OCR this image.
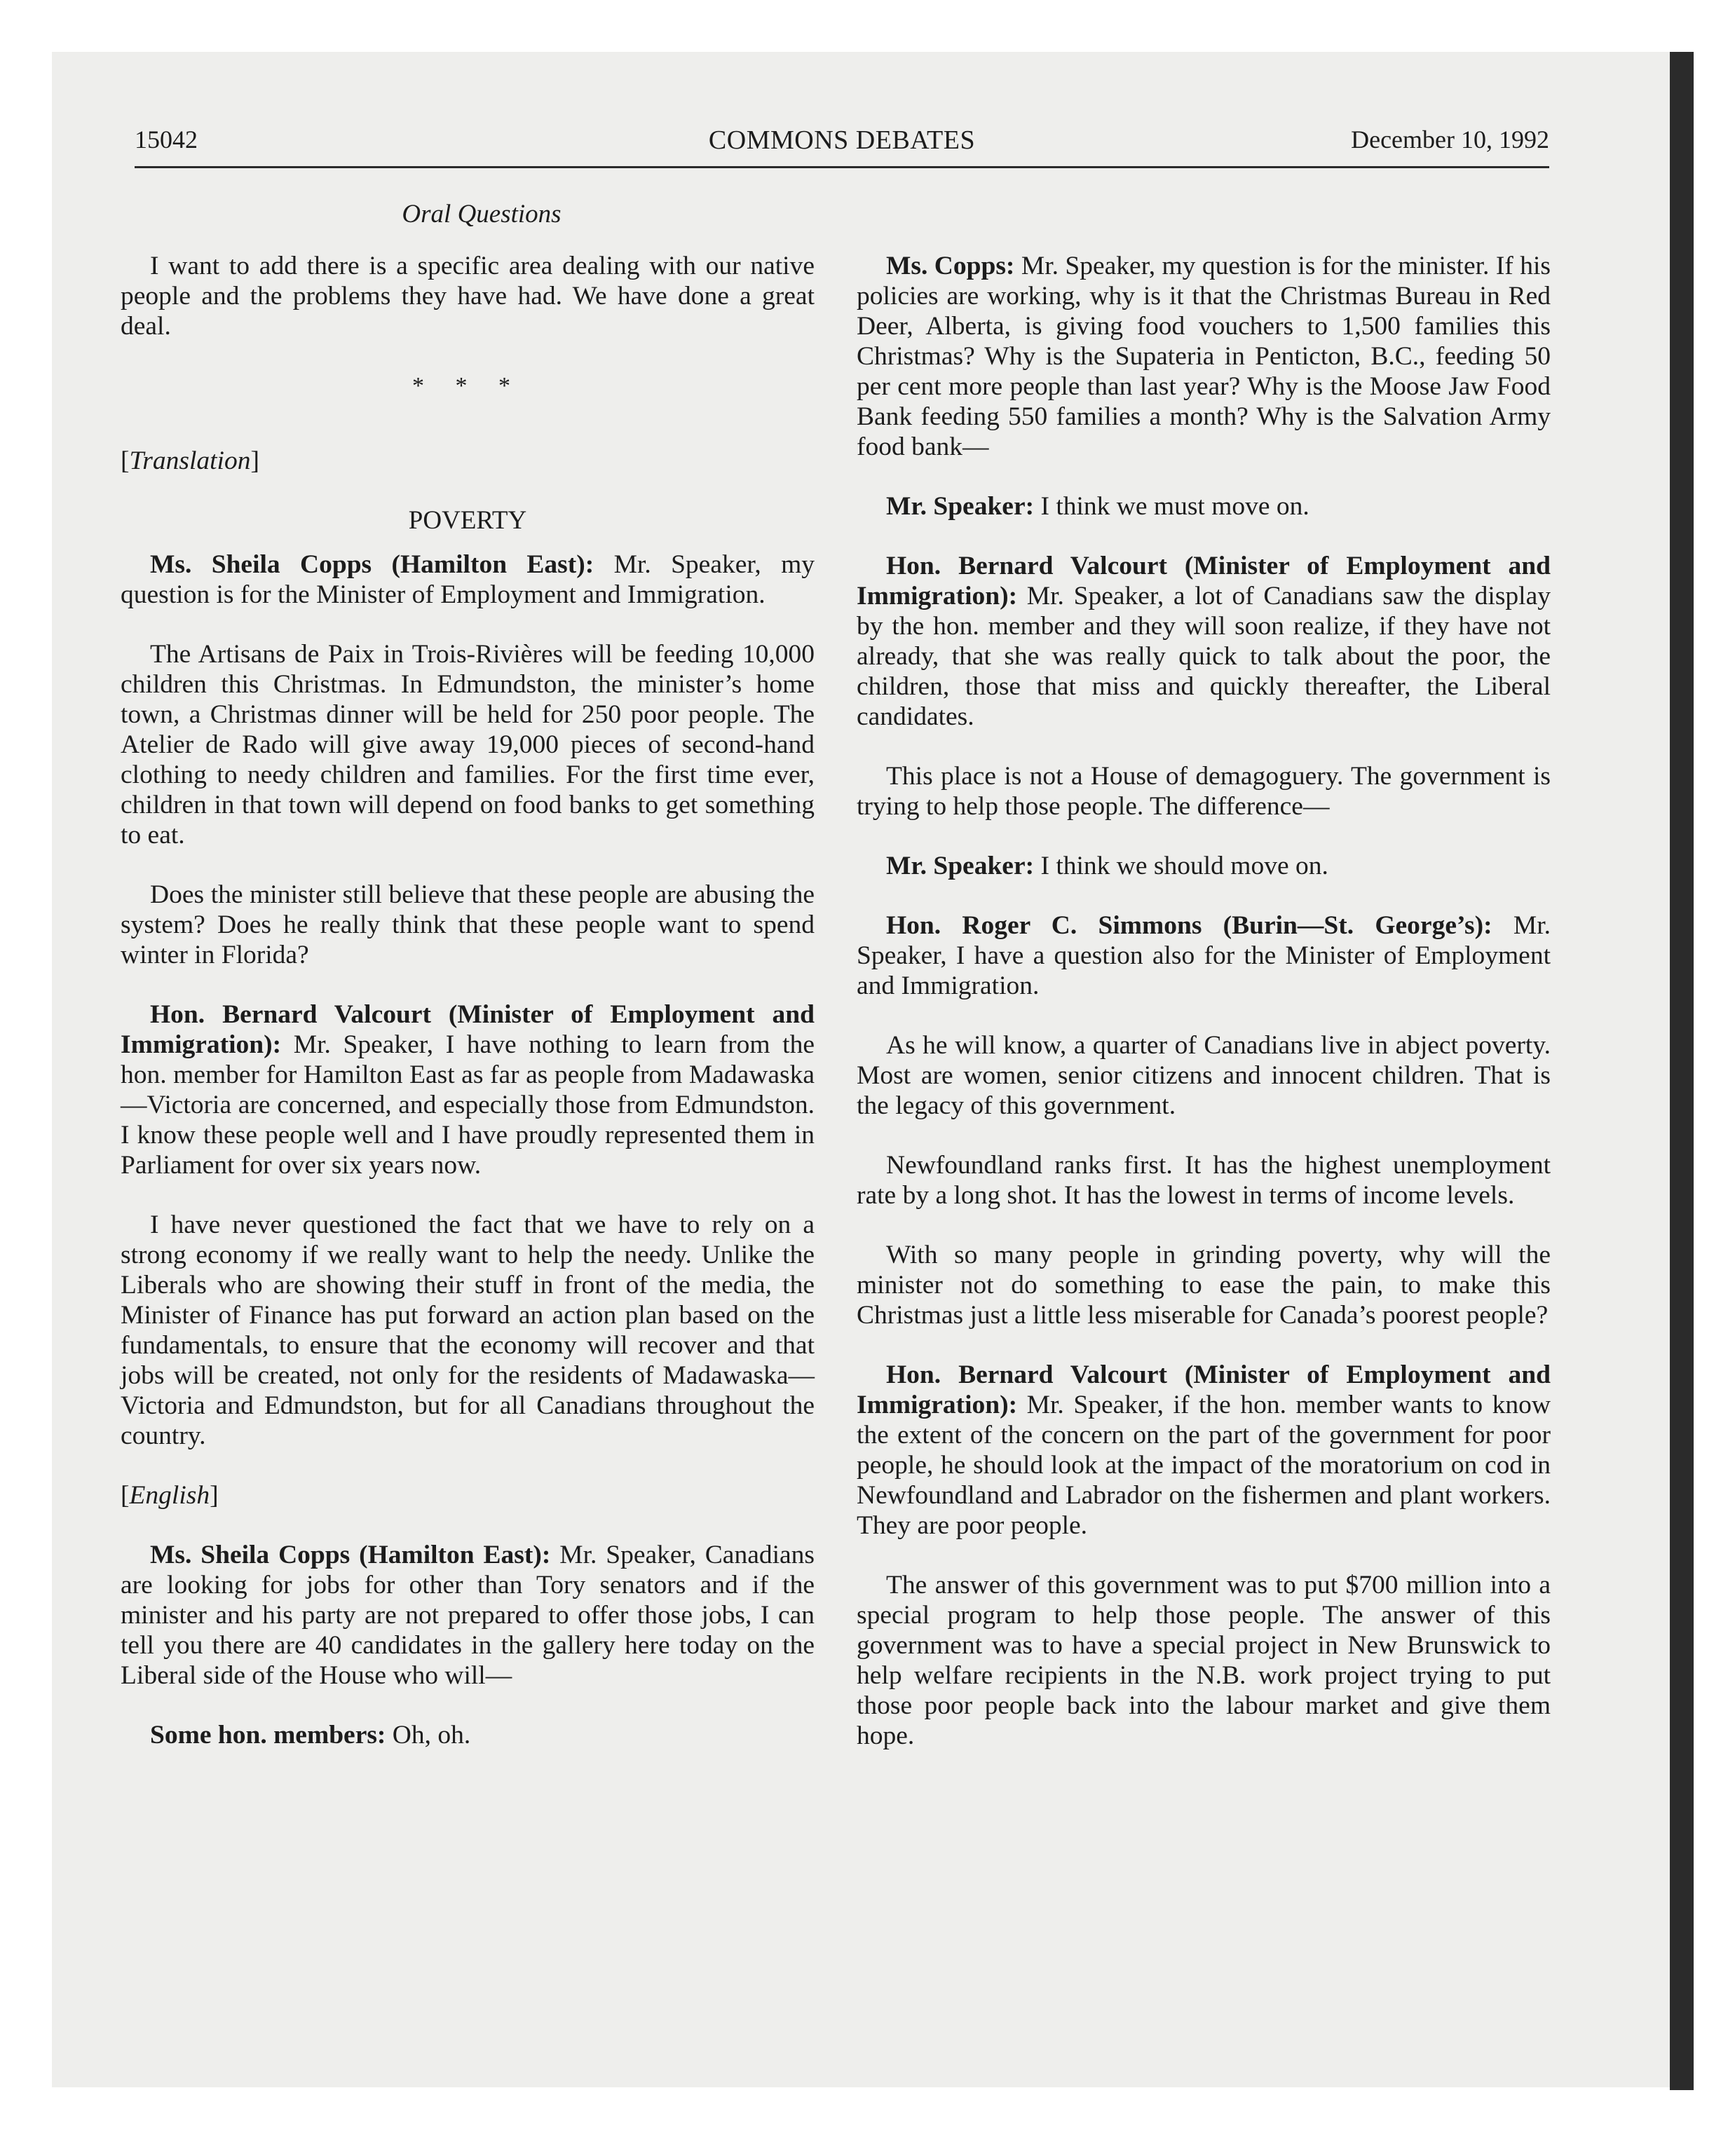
15042	COMMONS DEBATES	December 10, 1992
Oral Questions

I want to add there is a specific area dealing with our native people and the problems they have had. We have done a great deal.

* * *

[Translation]

POVERTY

Ms. Sheila Copps (Hamilton East): Mr. Speaker, my question is for the Minister of Employment and Immigration.

The Artisans de Paix in Trois-Rivières will be feeding 10,000 children this Christmas. In Edmundston, the minister’s home town, a Christmas dinner will be held for 250 poor people. The Atelier de Rado will give away 19,000 pieces of second-hand clothing to needy children and families. For the first time ever, children in that town will depend on food banks to get something to eat.

Does the minister still believe that these people are abusing the system? Does he really think that these people want to spend winter in Florida?

Hon. Bernard Valcourt (Minister of Employment and Immigration): Mr. Speaker, I have nothing to learn from the hon. member for Hamilton East as far as people from Madawaska—Victoria are concerned, and especially those from Edmundston. I know these people well and I have proudly represented them in Parliament for over six years now.

I have never questioned the fact that we have to rely on a strong economy if we really want to help the needy. Unlike the Liberals who are showing their stuff in front of the media, the Minister of Finance has put forward an action plan based on the fundamentals, to ensure that the economy will recover and that jobs will be created, not only for the residents of Madawaska—Victoria and Edmundston, but for all Canadians throughout the country.

[English]

Ms. Sheila Copps (Hamilton East): Mr. Speaker, Canadians are looking for jobs for other than Tory senators and if the minister and his party are not prepared to offer those jobs, I can tell you there are 40 candidates in the gallery here today on the Liberal side of the House who will—

Some hon. members: Oh, oh.

Ms. Copps: Mr. Speaker, my question is for the minister. If his policies are working, why is it that the Christmas Bureau in Red Deer, Alberta, is giving food vouchers to 1,500 families this Christmas? Why is the Supateria in Penticton, B.C., feeding 50 per cent more people than last year? Why is the Moose Jaw Food Bank feeding 550 families a month? Why is the Salvation Army food bank—

Mr. Speaker: I think we must move on.

Hon. Bernard Valcourt (Minister of Employment and Immigration): Mr. Speaker, a lot of Canadians saw the display by the hon. member and they will soon realize, if they have not already, that she was really quick to talk about the poor, the children, those that miss and quickly thereafter, the Liberal candidates.

This place is not a House of demagoguery. The government is trying to help those people. The difference—

Mr. Speaker: I think we should move on.

Hon. Roger C. Simmons (Burin—St. George’s): Mr. Speaker, I have a question also for the Minister of Employment and Immigration.

As he will know, a quarter of Canadians live in abject poverty. Most are women, senior citizens and innocent children. That is the legacy of this government.

Newfoundland ranks first. It has the highest unemployment rate by a long shot. It has the lowest in terms of income levels.

With so many people in grinding poverty, why will the minister not do something to ease the pain, to make this Christmas just a little less miserable for Canada’s poorest people?

Hon. Bernard Valcourt (Minister of Employment and Immigration): Mr. Speaker, if the hon. member wants to know the extent of the concern on the part of the government for poor people, he should look at the impact of the moratorium on cod in Newfoundland and Labrador on the fishermen and plant workers. They are poor people.

The answer of this government was to put $700 million into a special program to help those people. The answer of this government was to have a special project in New Brunswick to help welfare recipients in the N.B. work project trying to put those poor people back into the labour market and give them hope.
